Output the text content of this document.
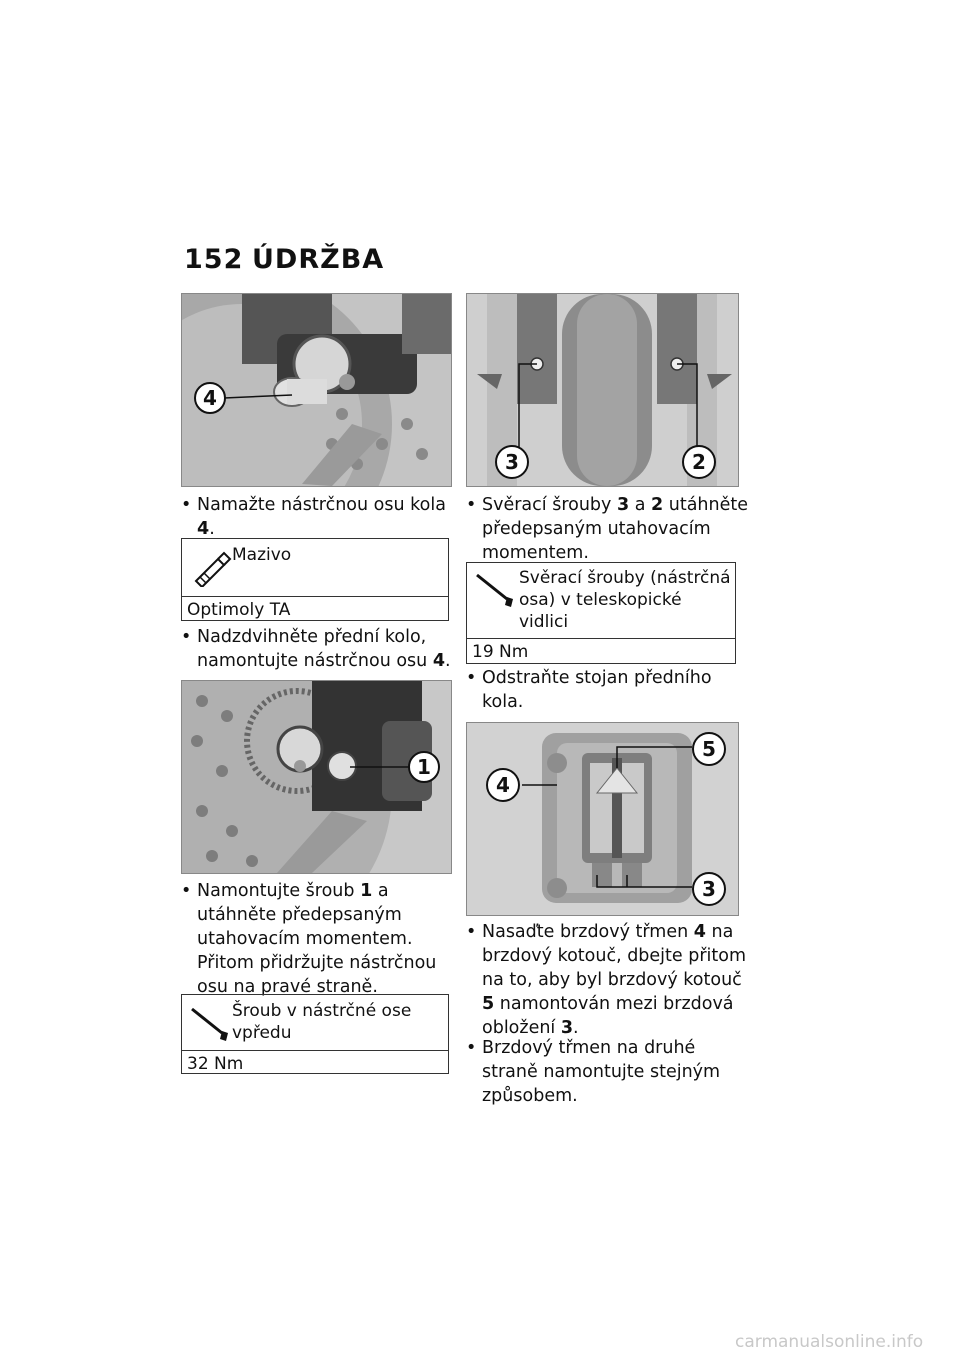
152 ÚDRŽBA
4
• Namažte nástrčnou osu kola 4.
Mazivo
Optimoly TA
• Nadzdvihněte přední kolo, namontujte nástrčnou osu 4.
1
• Namontujte šroub 1 a utáhněte předepsaným utahovacím momentem. Přitom přidržujte nástrčnou osu na pravé straně.
Šroub v nástrčné ose vpředu
32 Nm
3	2
• Svěrací šrouby 3 a 2 utáhněte předepsaným utahovacím momentem.
Svěrací šrouby (nástrčná osa) v teleskopické vidlici
19 Nm
• Odstraňte stojan předního kola.
4
5
3
• Nasaďte brzdový třmen 4 na brzdový kotouč, dbejte přitom na to, aby byl brzdový kotouč 5 namontován mezi brzdová obložení 3.
• Brzdový třmen na druhé straně namontujte stejným způsobem.
carmanualsonline.info
